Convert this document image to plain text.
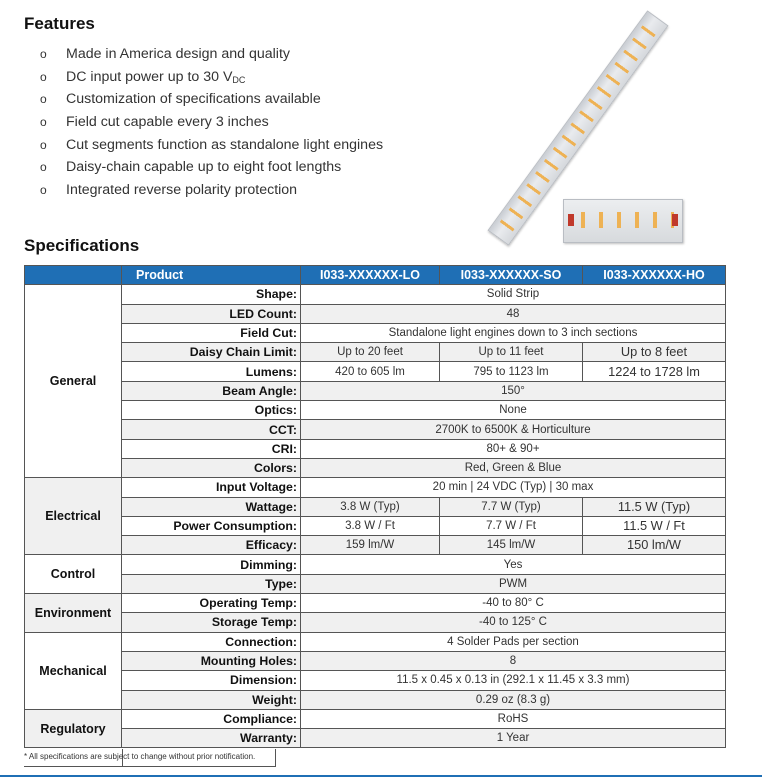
Features
o Made in America design and quality
o DC input power up to 30 $V_{DC}$
o Customization of specifications available
o Field cut capable every 3 inches
o Cut segments function as standalone light engines
o Daisy-chain capable up to eight foot lengths
o Integrated reverse polarity protection
Specifications
	Product	I033-XXXXXX-LO	I033-XXXXXX-SO	I033-XXXXXX-HO
General	Shape:	Solid Strip		
	LED Count:	48		
	Field Cut:	Standalone light engines down to 3 inch sections		
	Daisy Chain Limit:	Up to 20 feet	Up to 11 feet	Up to 8 feet
	Lumens:	420 to 605 lm	795 to 1123 lm	1224 to 1728 lm
	Beam Angle:	150°		
	Optics:	None		
	CCT:	2700K to 6500K & Horticulture		
	CRI:	80+ & 90+		
	Colors:	Red, Green & Blue		
Electrical	Input Voltage:	20 min | 24 VDC (Typ) | 30 max		
	Wattage:	3.8 W (Typ)	7.7 W (Typ)	11.5 W (Typ)
	Power Consumption:	3.8 W / Ft	7.7 W / Ft	11.5 W / Ft
	Efficacy:	159 lm/W	145 lm/W	150 lm/W
Control	Dimming:	Yes		
	Type:	PWM		
Environment	Operating Temp:	-40 to 80° C		
	Storage Temp:	-40 to 125° C		
Mechanical	Connection:	4 Solder Pads per section		
	Mounting Holes:	8		
	Dimension:	11.5 x 0.45 x 0.13 in (292.1 x 11.45 x 3.3 mm)		
	Weight:	0.29 oz (8.3 g)		
Regulatory	Compliance:	RoHS		
	Warranty:	1 Year		
* All specifications are subject to change without prior notification.
